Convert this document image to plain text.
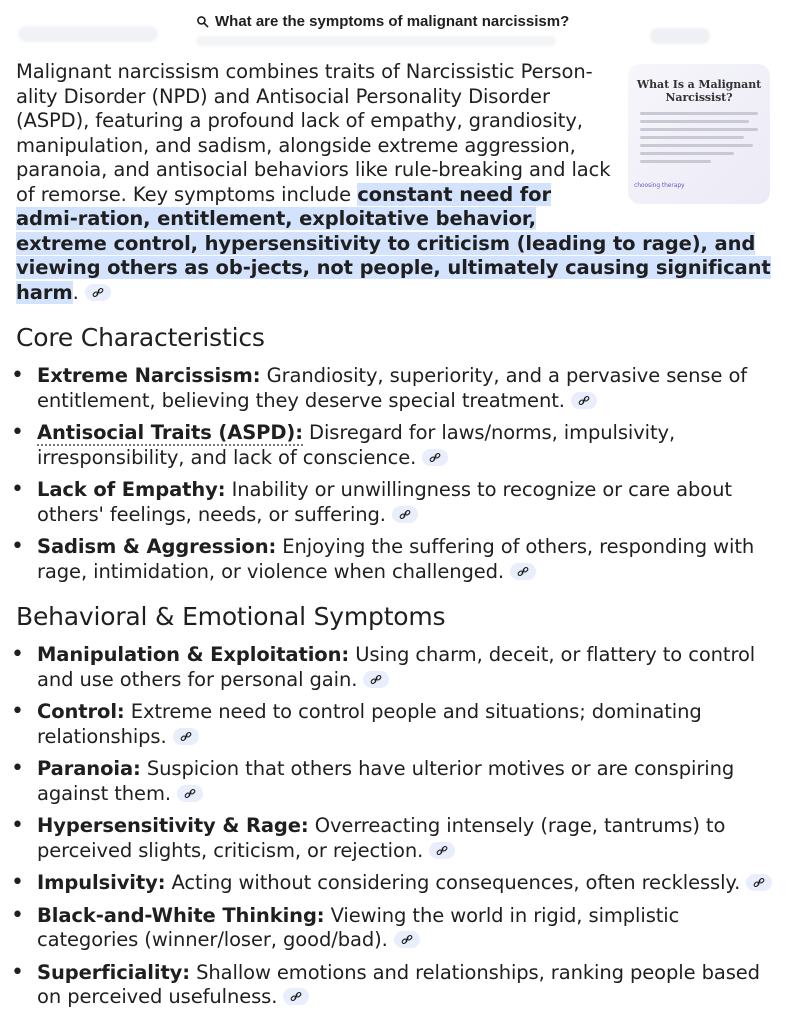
What are the symptoms of malignant narcissism?
What Is a Malignant Narcissist?
choosing therapy
Malignant narcissism combines traits of Narcissistic Person-ality Disorder (NPD) and Antisocial Personality Disorder (ASPD), featuring a profound lack of empathy, grandiosity, manipulation, and sadism, alongside extreme aggression, paranoia, and antisocial behaviors like rule-breaking and lack of remorse. Key symptoms include constant need for admi-ration, entitlement, exploitative behavior, extreme control, hypersensitivity to criticism (leading to rage), and viewing others as ob-jects, not people, ultimately causing significant harm.
Core Characteristics
• Extreme Narcissism: Grandiosity, superiority, and a pervasive sense of entitlement, believing they deserve special treatment.
• Antisocial Traits (ASPD): Disregard for laws/norms, impulsivity, irresponsibility, and lack of conscience.
• Lack of Empathy: Inability or unwillingness to recognize or care about others' feelings, needs, or suffering.
• Sadism & Aggression: Enjoying the suffering of others, responding with rage, intimidation, or violence when challenged.
Behavioral & Emotional Symptoms
• Manipulation & Exploitation: Using charm, deceit, or flattery to control and use others for personal gain.
• Control: Extreme need to control people and situations; dominating relationships.
• Paranoia: Suspicion that others have ulterior motives or are conspiring against them.
• Hypersensitivity & Rage: Overreacting intensely (rage, tantrums) to perceived slights, criticism, or rejection.
• Impulsivity: Acting without considering consequences, often recklessly.
• Black-and-White Thinking: Viewing the world in rigid, simplistic categories (winner/loser, good/bad).
• Superficiality: Shallow emotions and relationships, ranking people based on perceived usefulness.
